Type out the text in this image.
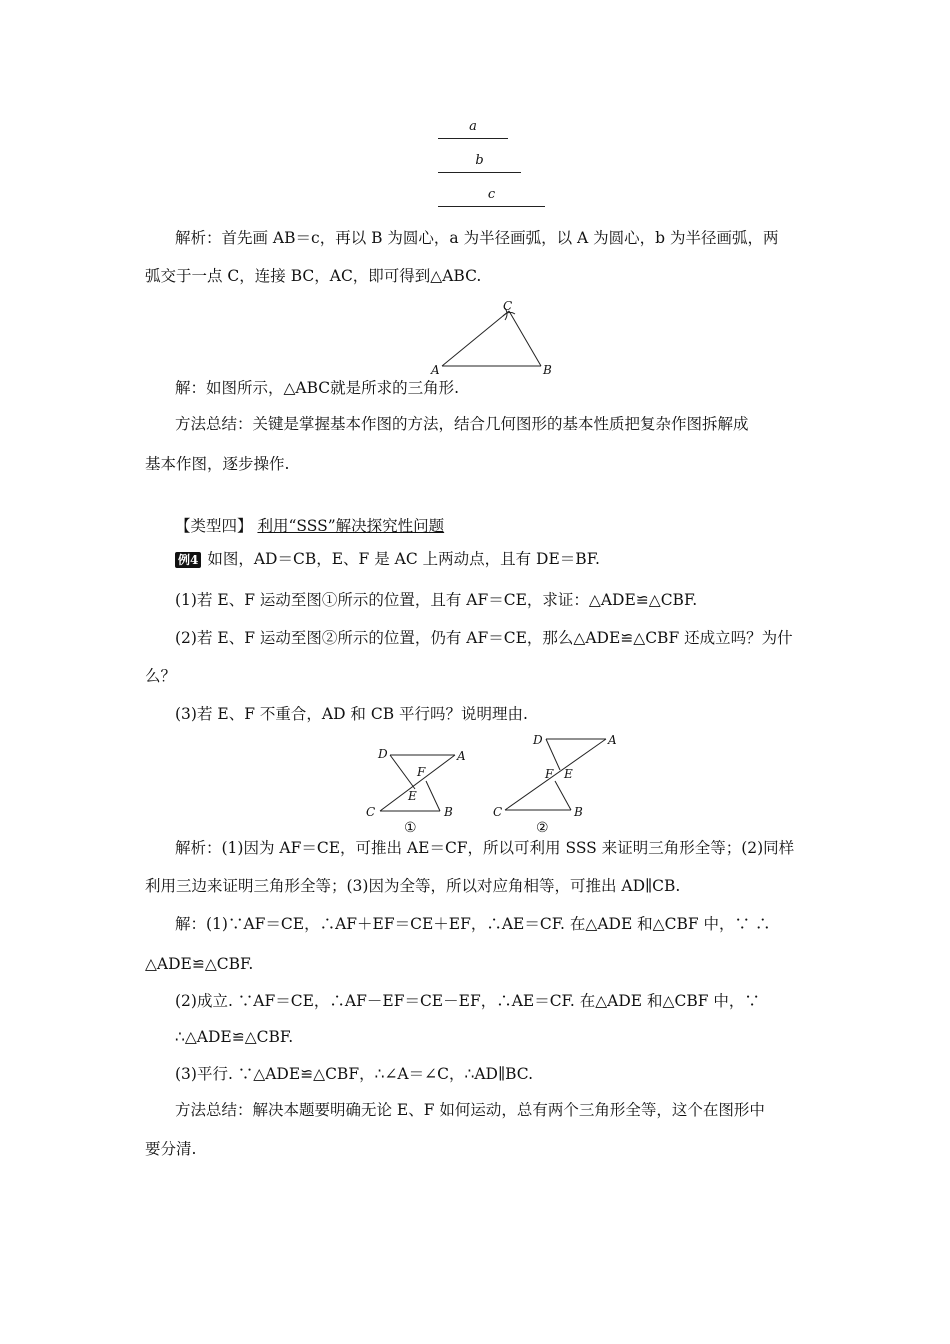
a
b
c
解析：首先画 AB＝c，再以 B 为圆心，a 为半径画弧，以 A 为圆心，b 为半径画弧，两
弧交于一点 C，连接 BC，AC，即可得到△ABC.
C
A	B
解：如图所示，△ABC就是所求的三角形.
方法总结：关键是掌握基本作图的方法，结合几何图形的基本性质把复杂作图拆解成
基本作图，逐步操作.
【类型四】 利用“SSS”解决探究性问题
例4 如图，AD＝CB，E、F 是 AC 上两动点，且有 DE＝BF.
(1)若 E、F 运动至图①所示的位置，且有 AF＝CE，求证：△ADE≌△CBF.
(2)若 E、F 运动至图②所示的位置，仍有 AF＝CE，那么△ADE≌△CBF 还成立吗？为什
么？
(3)若 E、F 不重合，AD 和 CB 平行吗？说明理由.
D	A
F
E
C	B
①
D	A
F E
C	B
②
解析：(1)因为 AF＝CE，可推出 AE＝CF，所以可利用 SSS 来证明三角形全等；(2)同样
利用三边来证明三角形全等；(3)因为全等，所以对应角相等，可推出 AD∥CB.
解：(1)∵AF＝CE，∴AF＋EF＝CE＋EF，∴AE＝CF. 在△ADE 和△CBF 中，∵ ∴
△ADE≌△CBF.
(2)成立. ∵AF＝CE，∴AF－EF＝CE－EF，∴AE＝CF. 在△ADE 和△CBF 中，∵
∴△ADE≌△CBF.
(3)平行. ∵△ADE≌△CBF，∴∠A＝∠C，∴AD∥BC.
方法总结：解决本题要明确无论 E、F 如何运动，总有两个三角形全等，这个在图形中
要分清.
